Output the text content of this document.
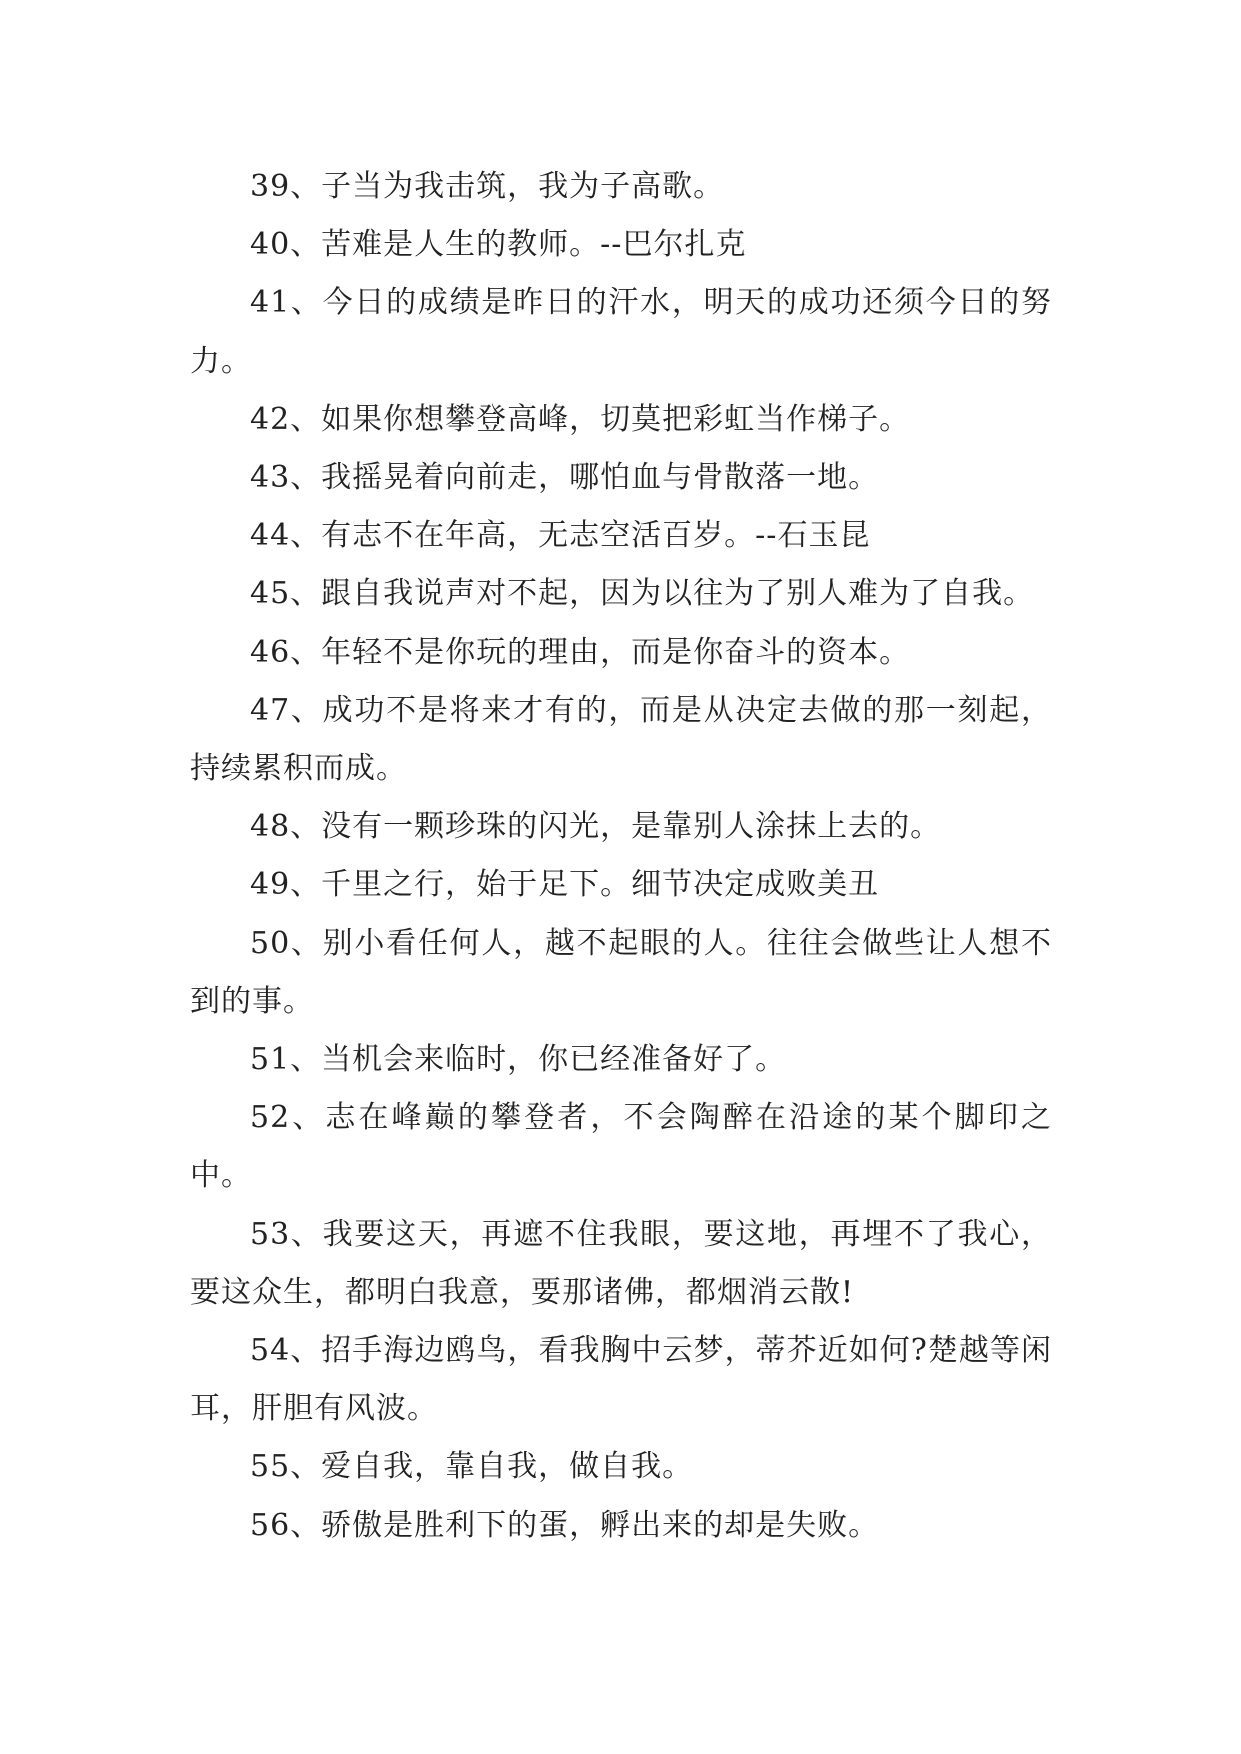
39、子当为我击筑，我为子高歌。

40、苦难是人生的教师。--巴尔扎克

41、今日的成绩是昨日的汗水，明天的成功还须今日的努力。

42、如果你想攀登高峰，切莫把彩虹当作梯子。

43、我摇晃着向前走，哪怕血与骨散落一地。

44、有志不在年高，无志空活百岁。--石玉昆

45、跟自我说声对不起，因为以往为了别人难为了自我。

46、年轻不是你玩的理由，而是你奋斗的资本。

47、成功不是将来才有的，而是从决定去做的那一刻起，持续累积而成。

48、没有一颗珍珠的闪光，是靠别人涂抹上去的。

49、千里之行，始于足下。细节决定成败美丑

50、别小看任何人，越不起眼的人。往往会做些让人想不到的事。

51、当机会来临时，你已经准备好了。

52、志在峰巅的攀登者，不会陶醉在沿途的某个脚印之中。

53、我要这天，再遮不住我眼，要这地，再埋不了我心，要这众生，都明白我意，要那诸佛，都烟消云散!

54、招手海边鸥鸟，看我胸中云梦，蒂芥近如何?楚越等闲耳，肝胆有风波。

55、爱自我，靠自我，做自我。

56、骄傲是胜利下的蛋，孵出来的却是失败。
